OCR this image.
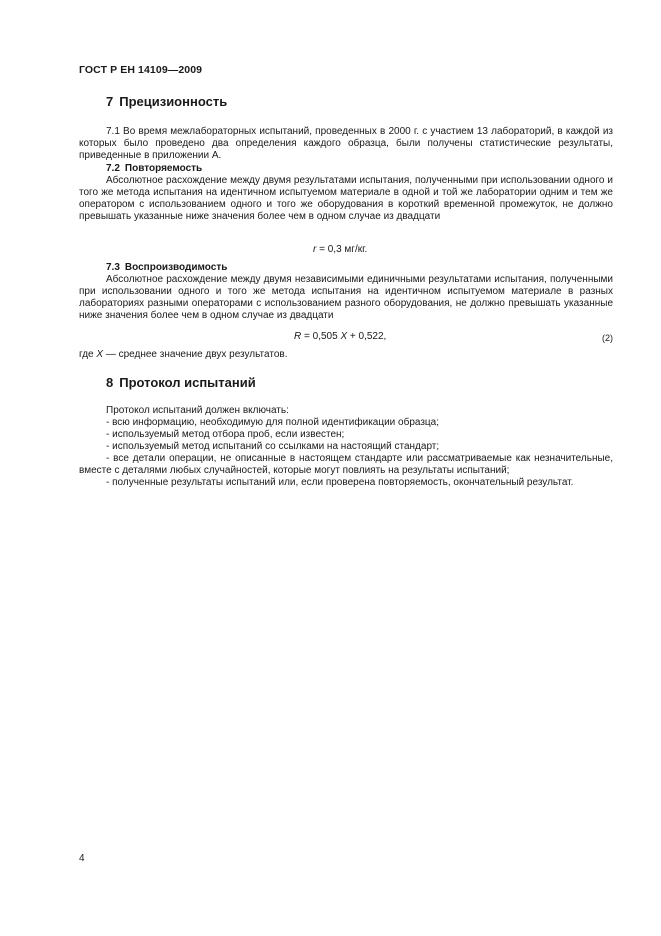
ГОСТ Р ЕН 14109—2009
7 Прецизионность
7.1 Во время межлабораторных испытаний, проведенных в 2000 г. с участием 13 лабораторий, в каждой из которых было проведено два определения каждого образца, были получены статистические результаты, приведенные в приложении А.
7.2 Повторяемость
Абсолютное расхождение между двумя результатами испытания, полученными при использовании одного и того же метода испытания на идентичном испытуемом материале в одной и той же лаборатории одним и тем же оператором с использованием одного и того же оборудования в короткий временной промежуток, не должно превышать указанные ниже значения более чем в одном случае из двадцати
r = 0,3 мг/кг.
7.3 Воспроизводимость
Абсолютное расхождение между двумя независимыми единичными результатами испытания, полученными при использовании одного и того же метода испытания на идентичном испытуемом материале в разных лабораториях разными операторами с использованием разного оборудования, не должно превышать указанные ниже значения более чем в одном случае из двадцати
R = 0,505 X + 0,522,	(2)
где X — среднее значение двух результатов.
8 Протокол испытаний
Протокол испытаний должен включать:
- всю информацию, необходимую для полной идентификации образца;
- используемый метод отбора проб, если известен;
- используемый метод испытаний со ссылками на настоящий стандарт;
- все детали операции, не описанные в настоящем стандарте или рассматриваемые как незначительные, вместе с деталями любых случайностей, которые могут повлиять на результаты испытаний;
- полученные результаты испытаний или, если проверена повторяемость, окончательный результат.
4
